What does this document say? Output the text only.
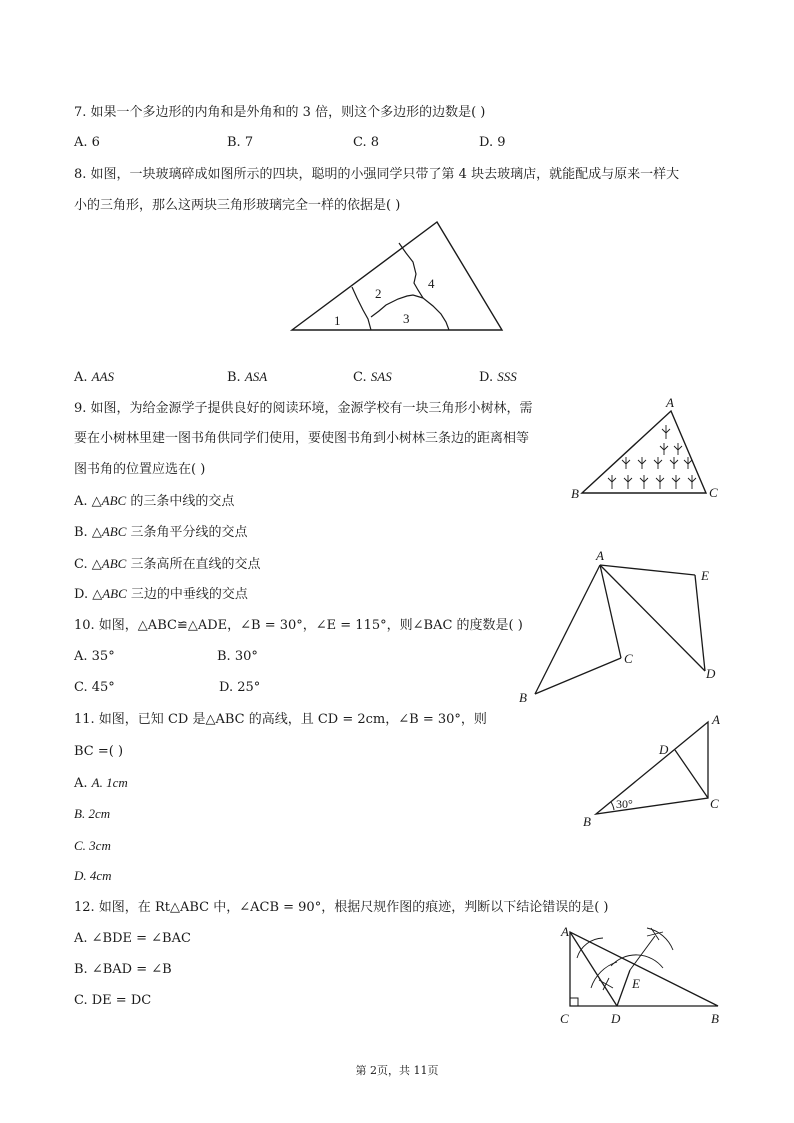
7. 如果一个多边形的内角和是外角和的 3 倍，则这个多边形的边数是( )
A. 6	B. 7	C. 8	D. 9
8. 如图，一块玻璃碎成如图所示的四块，聪明的小强同学只带了第 4 块去玻璃店，就能配成与原来一样大
小的三角形，那么这两块三角形玻璃完全一样的依据是( )
1
2
3
4
A. AAS	B. ASA	C. SAS	D. SSS
9. 如图，为给金源学子提供良好的阅读环境，金源学校有一块三角形小树林，需
要在小树林里建一图书角供同学们使用，要使图书角到小树林三条边的距离相等
图书角的位置应选在( )
A
B	C
A. △ABC 的三条中线的交点
B. △ABC 三条角平分线的交点
C. △ABC 三条高所在直线的交点
D. △ABC 三边的中垂线的交点
10. 如图，△ABC≌△ADE，∠B = 30°，∠E = 115°，则∠BAC 的度数是( )
A
B
C
D
E
A. 35°	B. 30°
C. 45°	D. 25°
11. 如图，已知 CD 是△ABC 的高线，且 CD = 2cm，∠B = 30°，则
BC =( )
A
B
C
D
30°
A. A. 1cm
B. 2cm
C. 3cm
D. 4cm
12. 如图，在 Rt△ABC 中，∠ACB = 90°，根据尺规作图的痕迹，判断以下结论错误的是( )
A
B
C	D
E
A. ∠BDE = ∠BAC
B. ∠BAD = ∠B
C. DE = DC
第 2页，共 11页
